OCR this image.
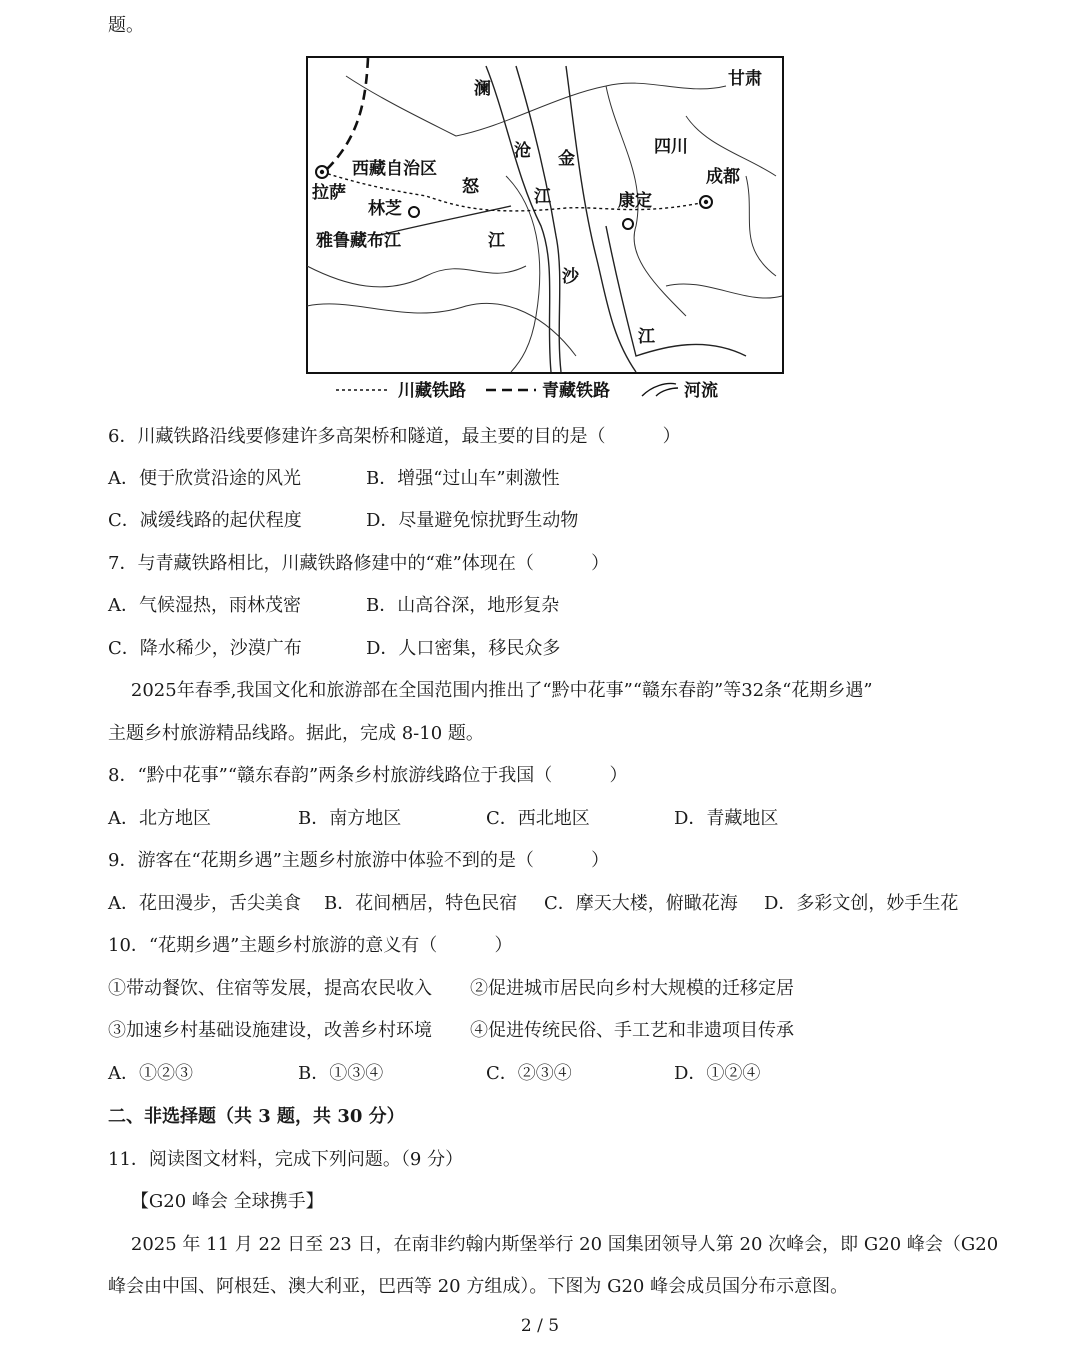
题。
甘肃
澜
沧 金
四川
成都
西藏自治区
拉萨	怒	江	康定
林芝
雅鲁藏布江	江
沙
江
川藏铁路	青藏铁路	河流
6．川藏铁路沿线要修建许多高架桥和隧道，最主要的目的是（          ）
A．便于欣赏沿途的风光	B．增强“过山车”刺激性
C．减缓线路的起伏程度	D．尽量避免惊扰野生动物
7．与青藏铁路相比，川藏铁路修建中的“难”体现在（          ）
A．气候湿热，雨林茂密	B．山高谷深，地形复杂
C．降水稀少，沙漠广布	D．人口密集，移民众多
2025年春季,我国文化和旅游部在全国范围内推出了“黔中花事”“赣东春韵”等32条“花期乡遇”
主题乡村旅游精品线路。据此，完成 8-10 题。
8．“黔中花事”“赣东春韵”两条乡村旅游线路位于我国（          ）
A．北方地区	B．南方地区	C．西北地区	D．青藏地区
9．游客在“花期乡遇”主题乡村旅游中体验不到的是（          ）
A．花田漫步，舌尖美食 B．花间栖居，特色民宿 C．摩天大楼，俯瞰花海 D．多彩文创，妙手生花
10．“花期乡遇”主题乡村旅游的意义有（          ）
①带动餐饮、住宿等发展，提高农民收入 ②促进城市居民向乡村大规模的迁移定居
③加速乡村基础设施建设，改善乡村环境 ④促进传统民俗、手工艺和非遗项目传承
A．①②③	B．①③④	C．②③④	D．①②④
二、非选择题（共 3 题，共 30 分）
11．阅读图文材料，完成下列问题。（9 分）
【G20 峰会 全球携手】
2025 年 11 月 22 日至 23 日，在南非约翰内斯堡举行 20 国集团领导人第 20 次峰会，即 G20 峰会（G20
峰会由中国、阿根廷、澳大利亚，巴西等 20 方组成）。下图为 G20 峰会成员国分布示意图。
2 / 5
